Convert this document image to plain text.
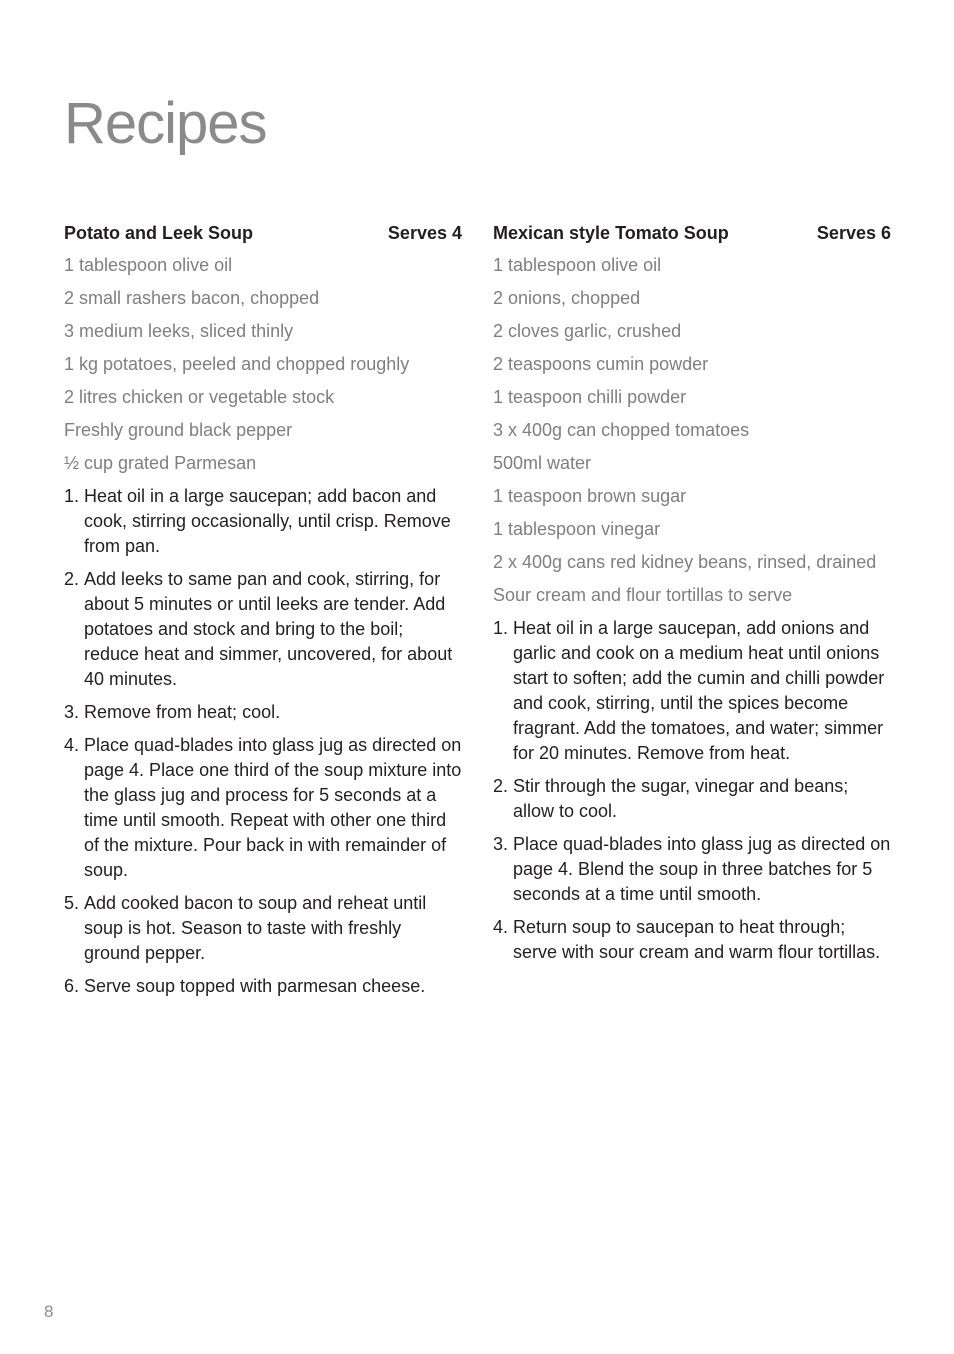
Recipes
Potato and Leek Soup	Serves 4
1 tablespoon olive oil
2 small rashers bacon, chopped
3 medium leeks, sliced thinly
1 kg potatoes, peeled and chopped roughly
2 litres chicken or vegetable stock
Freshly ground black pepper
½ cup grated Parmesan
1. Heat oil in a large saucepan; add bacon and cook, stirring occasionally, until crisp. Remove from pan.
2. Add leeks to same pan and cook, stirring, for about 5 minutes or until leeks are tender. Add potatoes and stock and bring to the boil; reduce heat and simmer, uncovered, for about 40 minutes.
3. Remove from heat; cool.
4. Place quad-blades into glass jug as directed on page 4. Place one third of the soup mixture into the glass jug and process for 5 seconds at a time until smooth. Repeat with other one third of the mixture. Pour back in with remainder of soup.
5. Add cooked bacon to soup and reheat until soup is hot. Season to taste with freshly ground pepper.
6. Serve soup topped with parmesan cheese.
Mexican style Tomato Soup	Serves 6
1 tablespoon olive oil
2 onions, chopped
2 cloves garlic, crushed
2 teaspoons cumin powder
1 teaspoon chilli powder
3 x 400g can chopped tomatoes
500ml water
1 teaspoon brown sugar
1 tablespoon vinegar
2 x 400g cans red kidney beans, rinsed, drained
Sour cream and flour tortillas to serve
1. Heat oil in a large saucepan, add onions and garlic and cook on a medium heat until onions start to soften; add the cumin and chilli powder and cook, stirring, until the spices become fragrant. Add the tomatoes, and water; simmer for 20 minutes. Remove from heat.
2. Stir through the sugar, vinegar and beans; allow to cool.
3. Place quad-blades into glass jug as directed on page 4. Blend the soup in three batches for 5 seconds at a time until smooth.
4. Return soup to saucepan to heat through; serve with sour cream and warm flour tortillas.
8
